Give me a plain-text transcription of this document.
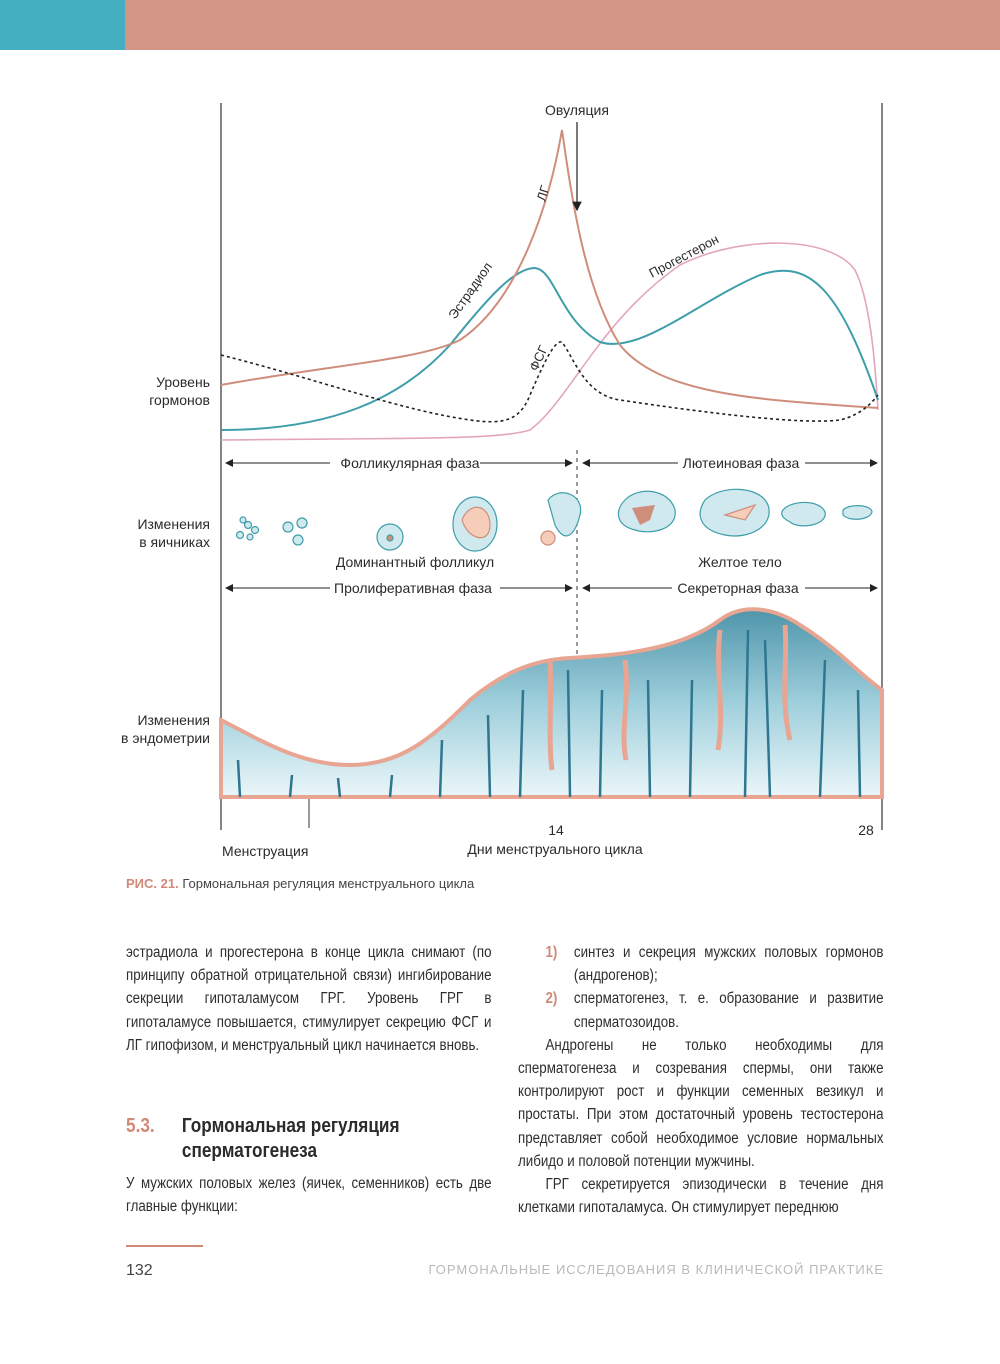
Овуляция
ЛГ
Эстрадиол
Прогестерон
ФСГ
Уровень
гормонов
Фолликулярная фаза	Лютеиновая фаза
Изменения
в яичниках
Доминантный фолликул	Желтое тело
Пролиферативная фаза	Секреторная фаза
Изменения
в эндометрии
14	28
Менструация	Дни менструального цикла
РИС. 21. Гормональная регуляция менструального цикла

эстрадиола и прогестерона в конце цикла снимают (по принципу обратной отрицательной связи) ингибирование секреции гипоталамусом ГРГ. Уровень ГРГ в гипоталамусе повышается, стимулирует секрецию ФСГ и ЛГ гипофизом, и менструальный цикл начинается вновь.

5.3. Гормональная регуляция
сперматогенеза

У мужских половых желез (яичек, семенников) есть две главные функции:

1)	синтез и секреция мужских половых гормонов (андрогенов);
2)	сперматогенез, т. е. образование и развитие сперматозоидов.

Андрогены не только необходимы для сперматогенеза и созревания спермы, они также контролируют рост и функции семенных везикул и простаты. При этом достаточный уровень тестостерона представляет собой необходимое условие нормальных либидо и половой потенции мужчины.

ГРГ секретируется эпизодически в течение дня клетками гипоталамуса. Он стимулирует переднюю

132	ГОРМОНАЛЬНЫЕ ИССЛЕДОВАНИЯ В КЛИНИЧЕСКОЙ ПРАКТИКЕ
